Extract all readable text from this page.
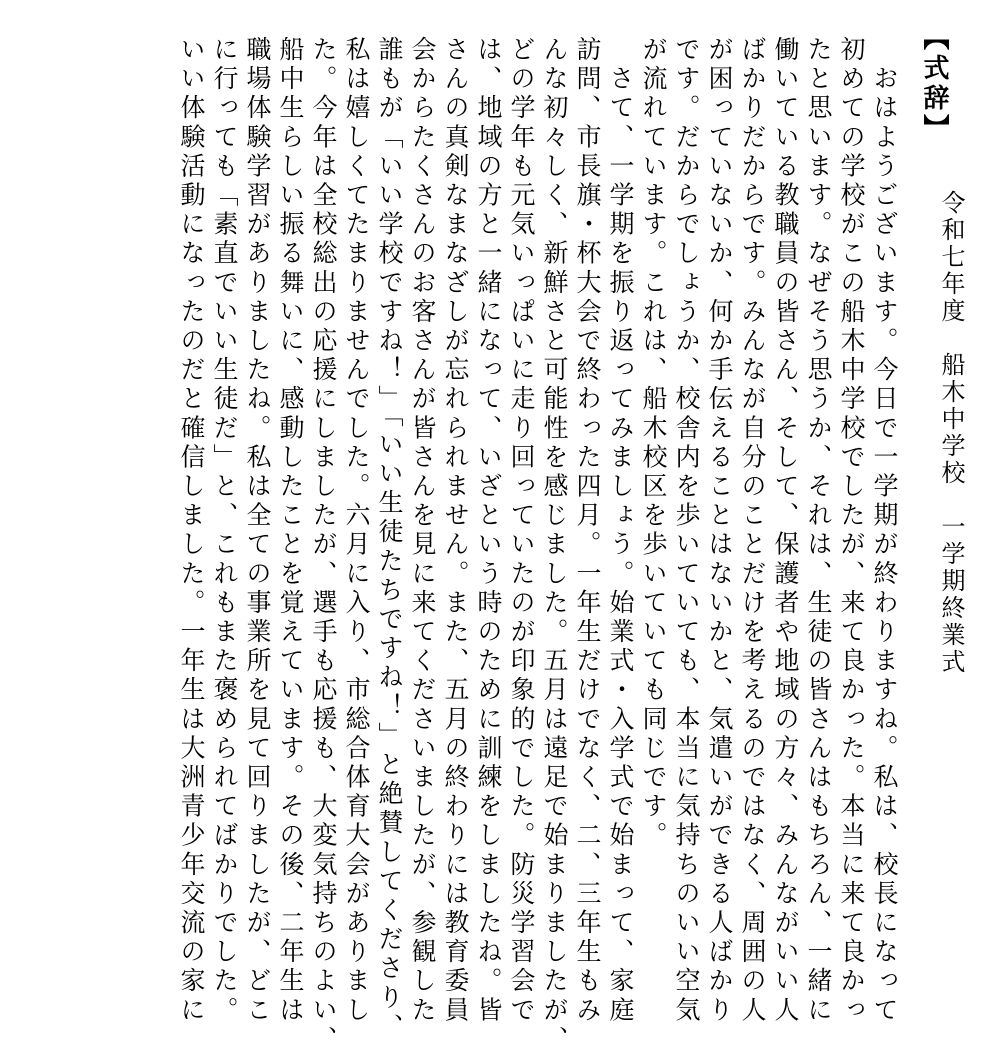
【式辞】
令和七年度　船木中学校　一学期終業式
　おはようございます。今日で一学期が終わりますね。私は、校長になって
初めての学校がこの船木中学校でしたが、来て良かった。本当に来て良かっ
たと思います。なぜそう思うか、それは、生徒の皆さんはもちろん、一緒に
働いている教職員の皆さん、そして、保護者や地域の方々、みんながいい人
ばかりだからです。みんなが自分のことだけを考えるのではなく、周囲の人
が困っていないか、何か手伝えることはないかと、気遣いができる人ばかり
です。だからでしょうか、校舎内を歩いていても、本当に気持ちのいい空気
が流れています。これは、船木校区を歩いていても同じです。
　さて、一学期を振り返ってみましょう。始業式・入学式で始まって、家庭
訪問、市長旗・杯大会で終わった四月。一年生だけでなく、二、三年生もみ
んな初々しく、新鮮さと可能性を感じました。五月は遠足で始まりましたが、
どの学年も元気いっぱいに走り回っていたのが印象的でした。防災学習会で
は、地域の方と一緒になって、いざという時のために訓練をしましたね。皆
さんの真剣なまなざしが忘れられません。また、五月の終わりには教育委員
会からたくさんのお客さんが皆さんを見に来てくださいましたが、参観した
誰もが「いい学校ですね！」「いい生徒たちですね！」と絶賛してくださり、
私は嬉しくてたまりませんでした。六月に入り、市総合体育大会がありまし
た。今年は全校総出の応援にしましたが、選手も応援も、大変気持ちのよい、
船中生らしい振る舞いに、感動したことを覚えています。その後、二年生は
職場体験学習がありましたね。私は全ての事業所を見て回りましたが、どこ
に行っても「素直でいい生徒だ」と、これもまた褒められてばかりでした。
いい体験活動になったのだと確信しました。一年生は大洲青少年交流の家に
